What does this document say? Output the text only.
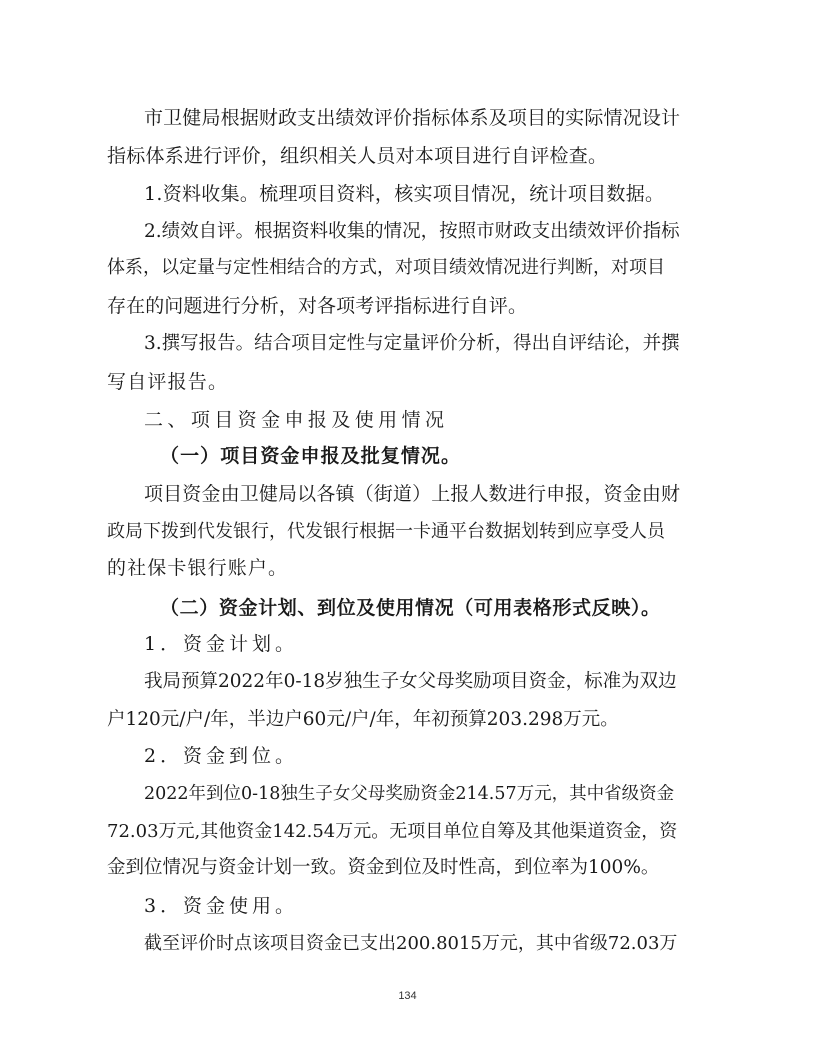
市卫健局根据财政支出绩效评价指标体系及项目的实际情况设计
指标体系进行评价，组织相关人员对本项目进行自评检查。
1.资料收集。梳理项目资料，核实项目情况，统计项目数据。
2.绩效自评。根据资料收集的情况，按照市财政支出绩效评价指标
体系，以定量与定性相结合的方式，对项目绩效情况进行判断，对项目
存在的问题进行分析，对各项考评指标进行自评。
3.撰写报告。结合项目定性与定量评价分析，得出自评结论，并撰
写自评报告。
二、项目资金申报及使用情况
（一）项目资金申报及批复情况。
项目资金由卫健局以各镇（街道）上报人数进行申报，资金由财
政局下拨到代发银行，代发银行根据一卡通平台数据划转到应享受人员
的社保卡银行账户。
（二）资金计划、到位及使用情况（可用表格形式反映）。
1．资金计划。
我局预算2022年0-18岁独生子女父母奖励项目资金，标准为双边
户120元/户/年，半边户60元/户/年，年初预算203.298万元。
2．资金到位。
2022年到位0-18独生子女父母奖励资金214.57万元，其中省级资金
72.03万元,其他资金142.54万元。无项目单位自筹及其他渠道资金，资
金到位情况与资金计划一致。资金到位及时性高，到位率为100%。
3．资金使用。
截至评价时点该项目资金已支出200.8015万元，其中省级72.03万
134
